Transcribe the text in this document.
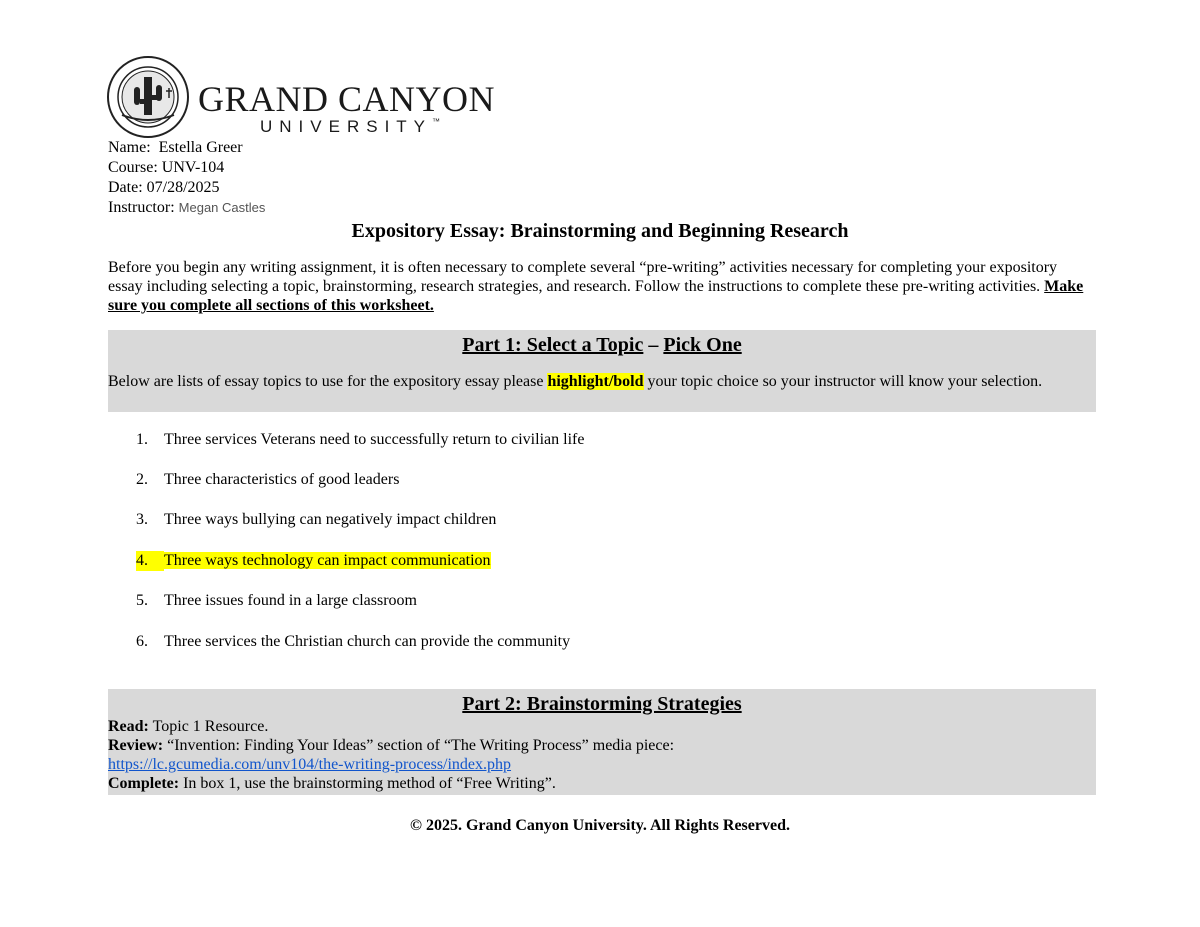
GRAND CANYON
UNIVERSITY™
Name: Estella Greer
Course: UNV-104
Date: 07/28/2025
Instructor: Megan Castles
Expository Essay: Brainstorming and Beginning Research
Before you begin any writing assignment, it is often necessary to complete several “pre-writing” activities necessary for completing your expository essay including selecting a topic, brainstorming, research strategies, and research. Follow the instructions to complete these pre-writing activities. Make sure you complete all sections of this worksheet.
Part 1: Select a Topic – Pick One
Below are lists of essay topics to use for the expository essay please highlight/bold your topic choice so your instructor will know your selection.
1. Three services Veterans need to successfully return to civilian life
2. Three characteristics of good leaders
3. Three ways bullying can negatively impact children
4. Three ways technology can impact communication
5. Three issues found in a large classroom
6. Three services the Christian church can provide the community
Part 2: Brainstorming Strategies
Read: Topic 1 Resource.
Review: “Invention: Finding Your Ideas” section of “The Writing Process” media piece:
https://lc.gcumedia.com/unv104/the-writing-process/index.php
Complete: In box 1, use the brainstorming method of “Free Writing”.
© 2025. Grand Canyon University. All Rights Reserved.
